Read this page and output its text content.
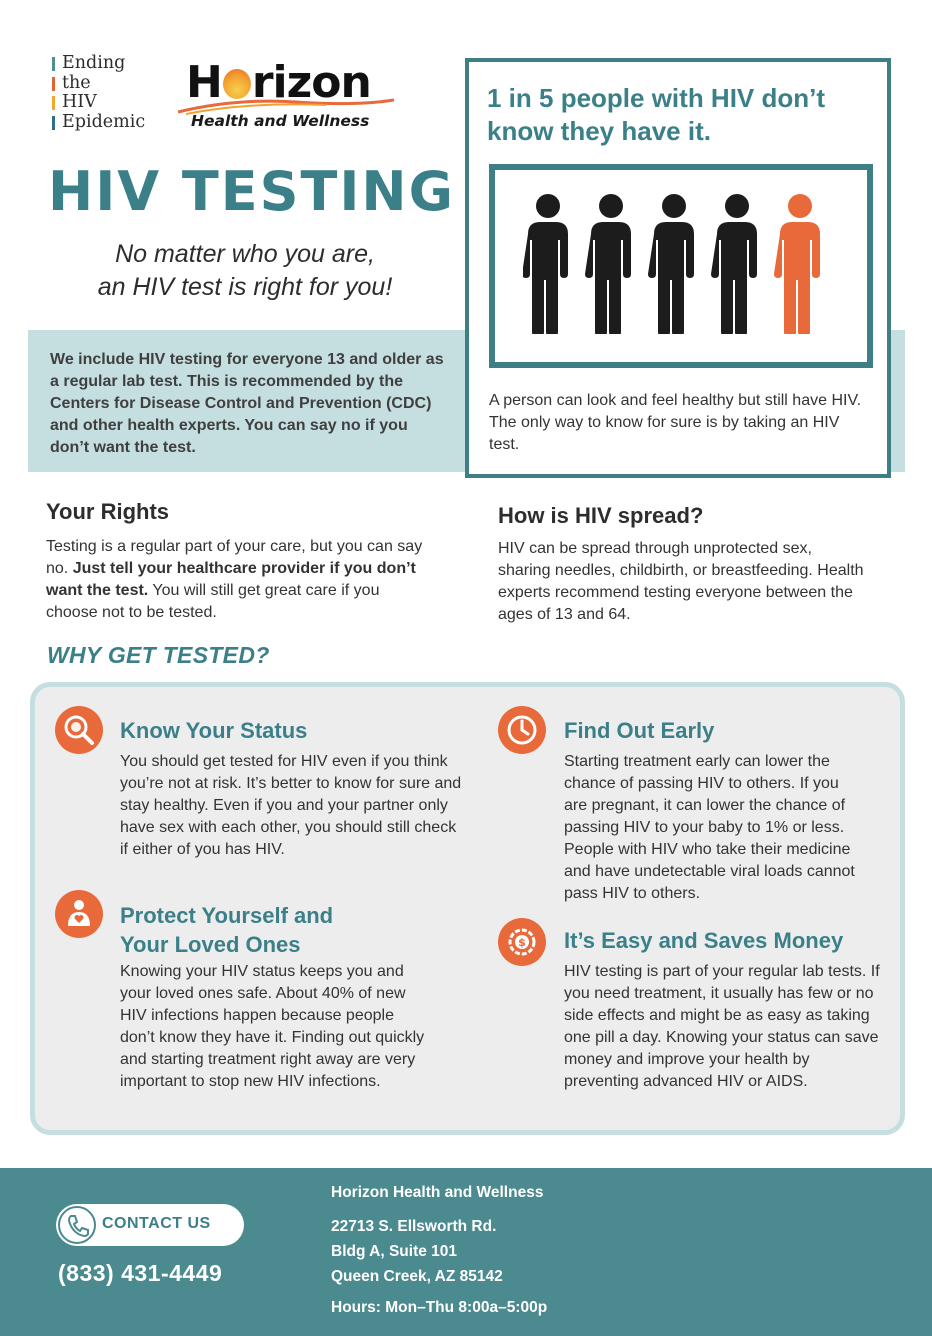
Ending
the
HIV
Epidemic
H rizon
Health and Wellness
HIV TESTING
No matter who you are,
an HIV test is right for you!
We include HIV testing for everyone 13 and older as a regular lab test. This is recommended by the Centers for Disease Control and Prevention (CDC) and other health experts. You can say no if you don’t want the test.
1 in 5 people with HIV don’t know they have it.
A person can look and feel healthy but still have HIV. The only way to know for sure is by taking an HIV test.
Your Rights
Testing is a regular part of your care, but you can say no. Just tell your healthcare provider if you don’t want the test. You will still get great care if you choose not to be tested.
How is HIV spread?
HIV can be spread through unprotected sex, sharing needles, childbirth, or breastfeeding. Health experts recommend testing everyone between the ages of 13 and 64.
WHY GET TESTED?
Know Your Status
You should get tested for HIV even if you think you’re not at risk. It’s better to know for sure and stay healthy. Even if you and your partner only have sex with each other, you should still check if either of you has HIV.
Find Out Early
Starting treatment early can lower the chance of passing HIV to others. If you are pregnant, it can lower the chance of passing HIV to your baby to 1% or less. People with HIV who take their medicine and have undetectable viral loads cannot pass HIV to others.
Protect Yourself and
Your Loved Ones
Knowing your HIV status keeps you and your loved ones safe. About 40% of new HIV infections happen because people don’t know they have it. Finding out quickly and starting treatment right away are very important to stop new HIV infections.
$ It’s Easy and Saves Money
HIV testing is part of your regular lab tests. If you need treatment, it usually has few or no side effects and might be as easy as taking one pill a day. Knowing your status can save money and improve your health by preventing advanced HIV or AIDS.
CONTACT US
(833) 431-4449
Horizon Health and Wellness
22713 S. Ellsworth Rd.
Bldg A, Suite 101
Queen Creek, AZ 85142
Hours: Mon–Thu 8:00a–5:00p
